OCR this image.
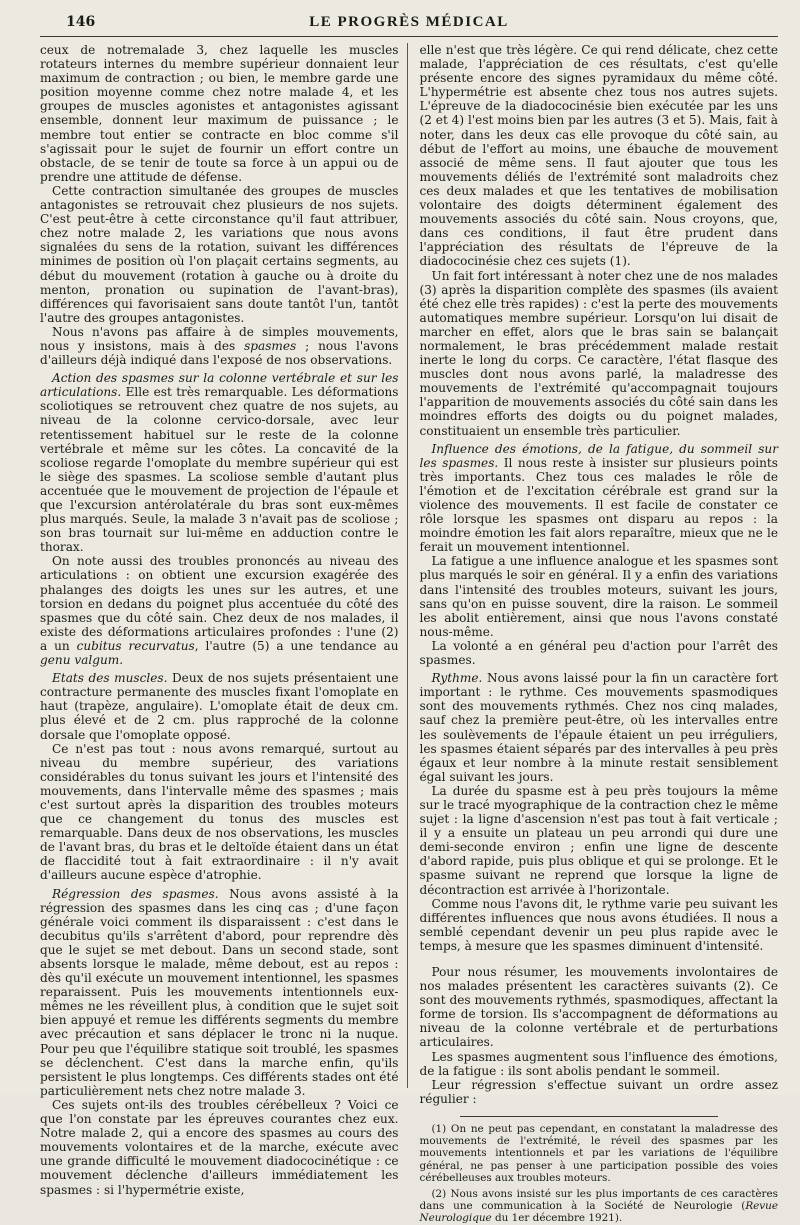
146	LE PROGRÈS MÉDICAL

ceux de notremalade 3, chez laquelle les muscles rotateurs internes du membre supérieur donnaient leur maximum de contraction ; ou bien, le membre garde une position moyenne comme chez notre malade 4, et les groupes de muscles agonistes et antagonistes agissant ensemble, donnent leur maximum de puissance ; le membre tout entier se contracte en bloc comme s'il s'agissait pour le sujet de fournir un effort contre un obstacle, de se tenir de toute sa force à un appui ou de prendre une attitude de défense.

Cette contraction simultanée des groupes de muscles antagonistes se retrouvait chez plusieurs de nos sujets. C'est peut-être à cette circonstance qu'il faut attribuer, chez notre malade 2, les variations que nous avons signalées du sens de la rotation, suivant les différences minimes de position où l'on plaçait certains segments, au début du mouvement (rotation à gauche ou à droite du menton, pronation ou supination de l'avant-bras), différences qui favorisaient sans doute tantôt l'un, tantôt l'autre des groupes antagonistes.

Nous n'avons pas affaire à de simples mouvements, nous y insistons, mais à des spasmes ; nous l'avons d'ailleurs déjà indiqué dans l'exposé de nos observations.

Action des spasmes sur la colonne vertébrale et sur les articulations. Elle est très remarquable. Les déformations scoliotiques se retrouvent chez quatre de nos sujets, au niveau de la colonne cervico-dorsale, avec leur retentissement habituel sur le reste de la colonne vertébrale et même sur les côtes. La concavité de la scoliose regarde l'omoplate du membre supérieur qui est le siège des spasmes. La scoliose semble d'autant plus accentuée que le mouvement de projection de l'épaule et que l'excursion antérolatérale du bras sont eux-mêmes plus marqués. Seule, la malade 3 n'avait pas de scoliose ; son bras tournait sur lui-même en adduction contre le thorax.

On note aussi des troubles prononcés au niveau des articulations : on obtient une excursion exagérée des phalanges des doigts les unes sur les autres, et une torsion en dedans du poignet plus accentuée du côté des spasmes que du côté sain. Chez deux de nos malades, il existe des déformations articulaires profondes : l'une (2) a un cubitus recurvatus, l'autre (5) a une tendance au genu valgum.

Etats des muscles. Deux de nos sujets présentaient une contracture permanente des muscles fixant l'omoplate en haut (trapèze, angulaire). L'omoplate était de deux cm. plus élevé et de 2 cm. plus rapproché de la colonne dorsale que l'omoplate opposé.

Ce n'est pas tout : nous avons remarqué, surtout au niveau du membre supérieur, des variations considérables du tonus suivant les jours et l'intensité des mouvements, dans l'intervalle même des spasmes ; mais c'est surtout après la disparition des troubles moteurs que ce changement du tonus des muscles est remarquable. Dans deux de nos observations, les muscles de l'avant bras, du bras et le deltoïde étaient dans un état de flaccidité tout à fait extraordinaire : il n'y avait d'ailleurs aucune espèce d'atrophie.

Régression des spasmes. Nous avons assisté à la régression des spasmes dans les cinq cas ; d'une façon générale voici comment ils disparaissent : c'est dans le decubitus qu'ils s'arrêtent d'abord, pour reprendre dès que le sujet se met debout. Dans un second stade, sont absents lorsque le malade, même debout, est au repos : dès qu'il exécute un mouvement intentionnel, les spasmes reparaissent. Puis les mouvements intentionnels eux-mêmes ne les réveillent plus, à condition que le sujet soit bien appuyé et remue les différents segments du membre avec précaution et sans déplacer le tronc ni la nuque. Pour peu que l'équilibre statique soit troublé, les spasmes se déclenchent. C'est dans la marche enfin, qu'ils persistent le plus longtemps. Ces différents stades ont été particulièrement nets chez notre malade 3.

Ces sujets ont-ils des troubles cérébelleux ? Voici ce que l'on constate par les épreuves courantes chez eux. Notre malade 2, qui a encore des spasmes au cours des mouvements volontaires et de la marche, exécute avec une grande difficulté le mouvement diadococinétique : ce mouvement déclenche d'ailleurs immédiatement les spasmes : si l'hypermétrie existe,

elle n'est que très légère. Ce qui rend délicate, chez cette malade, l'appréciation de ces résultats, c'est qu'elle présente encore des signes pyramidaux du même côté. L'hypermétrie est absente chez tous nos autres sujets. L'épreuve de la diadococinésie bien exécutée par les uns (2 et 4) l'est moins bien par les autres (3 et 5). Mais, fait à noter, dans les deux cas elle provoque du côté sain, au début de l'effort au moins, une ébauche de mouvement associé de même sens. Il faut ajouter que tous les mouvements déliés de l'extrémité sont maladroits chez ces deux malades et que les tentatives de mobilisation volontaire des doigts déterminent également des mouvements associés du côté sain. Nous croyons, que, dans ces conditions, il faut être prudent dans l'appréciation des résultats de l'épreuve de la diadococinésie chez ces sujets (1).

Un fait fort intéressant à noter chez une de nos malades (3) après la disparition complète des spasmes (ils avaient été chez elle très rapides) : c'est la perte des mouvements automatiques membre supérieur. Lorsqu'on lui disait de marcher en effet, alors que le bras sain se balançait normalement, le bras précédemment malade restait inerte le long du corps. Ce caractère, l'état flasque des muscles dont nous avons parlé, la maladresse des mouvements de l'extrémité qu'accompagnait toujours l'apparition de mouvements associés du côté sain dans les moindres efforts des doigts ou du poignet malades, constituaient un ensemble très particulier.

Influence des émotions, de la fatigue, du sommeil sur les spasmes. Il nous reste à insister sur plusieurs points très importants. Chez tous ces malades le rôle de l'émotion et de l'excitation cérébrale est grand sur la violence des mouvements. Il est facile de constater ce rôle lorsque les spasmes ont disparu au repos : la moindre émotion les fait alors reparaître, mieux que ne le ferait un mouvement intentionnel.

La fatigue a une influence analogue et les spasmes sont plus marqués le soir en général. Il y a enfin des variations dans l'intensité des troubles moteurs, suivant les jours, sans qu'on en puisse souvent, dire la raison. Le sommeil les abolit entièrement, ainsi que nous l'avons constaté nous-même.

La volonté a en général peu d'action pour l'arrêt des spasmes.

Rythme. Nous avons laissé pour la fin un caractère fort important : le rythme. Ces mouvements spasmodiques sont des mouvements rythmés. Chez nos cinq malades, sauf chez la première peut-être, où les intervalles entre les soulèvements de l'épaule étaient un peu irréguliers, les spasmes étaient séparés par des intervalles à peu près égaux et leur nombre à la minute restait sensiblement égal suivant les jours.

La durée du spasme est à peu près toujours la même sur le tracé myographique de la contraction chez le même sujet : la ligne d'ascension n'est pas tout à fait verticale ; il y a ensuite un plateau un peu arrondi qui dure une demi-seconde environ ; enfin une ligne de descente d'abord rapide, puis plus oblique et qui se prolonge. Et le spasme suivant ne reprend que lorsque la ligne de décontraction est arrivée à l'horizontale.

Comme nous l'avons dit, le rythme varie peu suivant les différentes influences que nous avons étudiées. Il nous a semblé cependant devenir un peu plus rapide avec le temps, à mesure que les spasmes diminuent d'intensité.

Pour nous résumer, les mouvements involontaires de nos malades présentent les caractères suivants (2). Ce sont des mouvements rythmés, spasmodiques, affectant la forme de torsion. Ils s'accompagnent de déformations au niveau de la colonne vertébrale et de perturbations articulaires.

Les spasmes augmentent sous l'influence des émotions, de la fatigue : ils sont abolis pendant le sommeil.

Leur régression s'effectue suivant un ordre assez régulier :

(1) On ne peut pas cependant, en constatant la maladresse des mouvements de l'extrémité, le réveil des spasmes par les mouvements intentionnels et par les variations de l'équilibre général, ne pas penser à une participation possible des voies cérébelleuses aux troubles moteurs.

(2) Nous avons insisté sur les plus importants de ces caractères dans une communication à la Société de Neurologie (Revue Neurologique du 1er décembre 1921).
